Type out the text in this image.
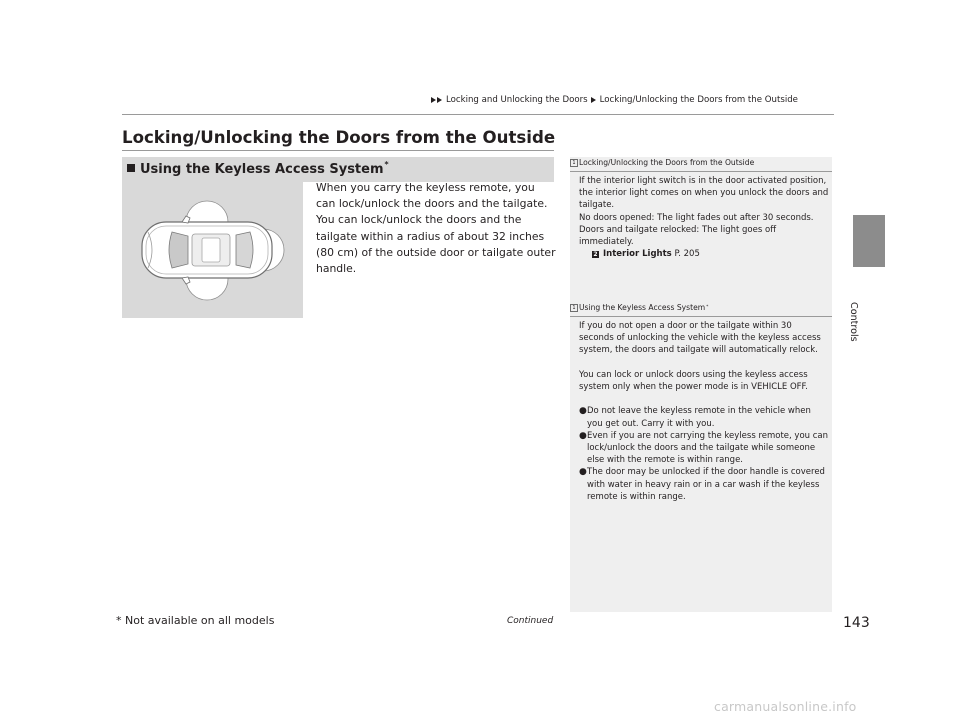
Locking and Unlocking the Doors Locking/Unlocking the Doors from the Outside
Controls
Locking/Unlocking the Doors from the Outside
Using the Keyless Access System*

When you carry the keyless remote, you can lock/unlock the doors and the tailgate.

You can lock/unlock the doors and the tailgate within a radius of about 32 inches (80 cm) of the outside door or tailgate outer handle.

1 Locking/Unlocking the Doors from the Outside

If the interior light switch is in the door activated position, the interior light comes on when you unlock the doors and tailgate.

No doors opened: The light fades out after 30 seconds.

Doors and tailgate relocked: The light goes off immediately.

2 Interior Lights P. 205

1 Using the Keyless Access System *

If you do not open a door or the tailgate within 30 seconds of unlocking the vehicle with the keyless access system, the doors and tailgate will automatically relock.

You can lock or unlock doors using the keyless access system only when the power mode is in VEHICLE OFF.

● Do not leave the keyless remote in the vehicle when you get out. Carry it with you.
● Even if you are not carrying the keyless remote, you can lock/unlock the doors and the tailgate while someone else with the remote is within range.
● The door may be unlocked if the door handle is covered with water in heavy rain or in a car wash if the keyless remote is within range.
* Not available on all models	Continued	143
carmanualsonline.info
